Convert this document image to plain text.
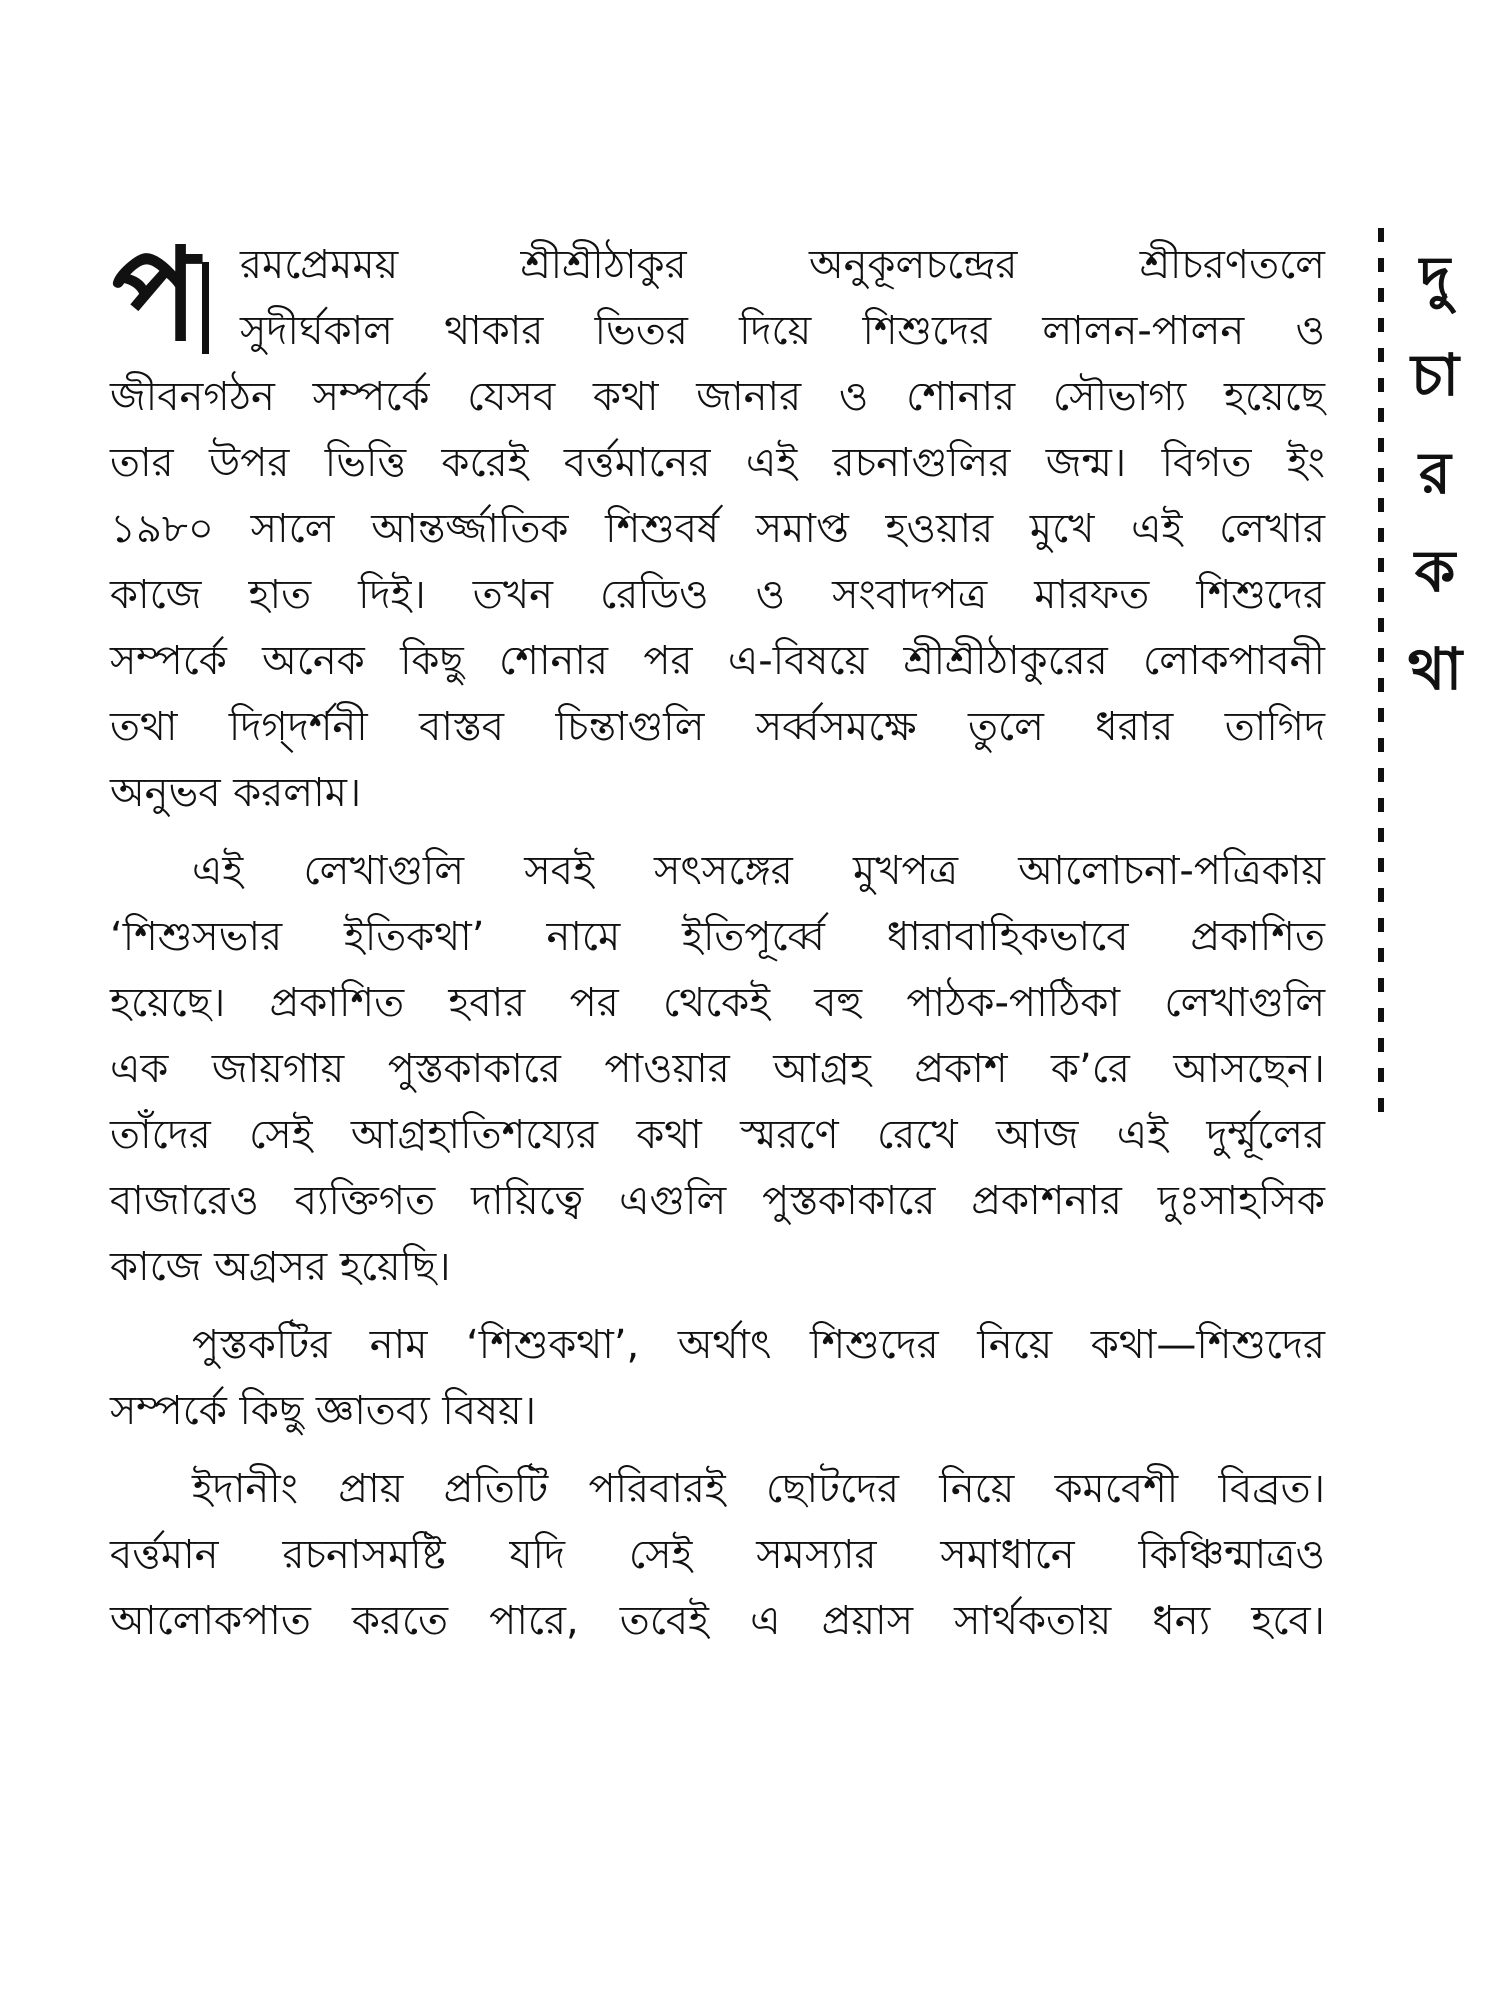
প	রমপ্রেমময় শ্রীশ্রীঠাকুর অনুকূলচন্দ্রের শ্রীচরণতলে
সুদীর্ঘকাল থাকার ভিতর দিয়ে শিশুদের লালন-পালন ও
জীবনগঠন সম্পর্কে যেসব কথা জানার ও শোনার সৌভাগ্য হয়েছে
তার উপর ভিত্তি করেই বর্ত্তমানের এই রচনাগুলির জন্ম। বিগত ইং
১৯৮০ সালে আন্তর্জ্জাতিক শিশুবর্ষ সমাপ্ত হওয়ার মুখে এই লেখার
কাজে হাত দিই। তখন রেডিও ও সংবাদপত্র মারফত শিশুদের
সম্পর্কে অনেক কিছু শোনার পর এ-বিষয়ে শ্রীশ্রীঠাকুরের লোকপাবনী
তথা দিগ্‌দর্শনী বাস্তব চিন্তাগুলি সর্ব্বসমক্ষে তুলে ধরার তাগিদ
অনুভব করলাম।
এই লেখাগুলি সবই সৎসঙ্গের মুখপত্র আলোচনা-পত্রিকায়
‘শিশুসভার ইতিকথা’ নামে ইতিপূর্ব্বে ধারাবাহিকভাবে প্রকাশিত
হয়েছে। প্রকাশিত হবার পর থেকেই বহু পাঠক-পাঠিকা লেখাগুলি
এক জায়গায় পুস্তকাকারে পাওয়ার আগ্রহ প্রকাশ ক’রে আসছেন।
তাঁদের সেই আগ্রহাতিশয্যের কথা স্মরণে রেখে আজ এই দুর্ম্মূলের
বাজারেও ব্যক্তিগত দায়িত্বে এগুলি পুস্তকাকারে প্রকাশনার দুঃসাহসিক
কাজে অগ্রসর হয়েছি।
পুস্তকটির নাম ‘শিশুকথা’, অর্থাৎ শিশুদের নিয়ে কথা—শিশুদের
সম্পর্কে কিছু জ্ঞাতব্য বিষয়।
ইদানীং প্রায় প্রতিটি পরিবারই ছোটদের নিয়ে কমবেশী বিব্রত।
বর্ত্তমান রচনাসমষ্টি যদি সেই সমস্যার সমাধানে কিঞ্চিন্মাত্রও
আলোকপাত করতে পারে, তবেই এ প্রয়াস সার্থকতায় ধন্য হবে।
দু
চা
র
ক
থা
